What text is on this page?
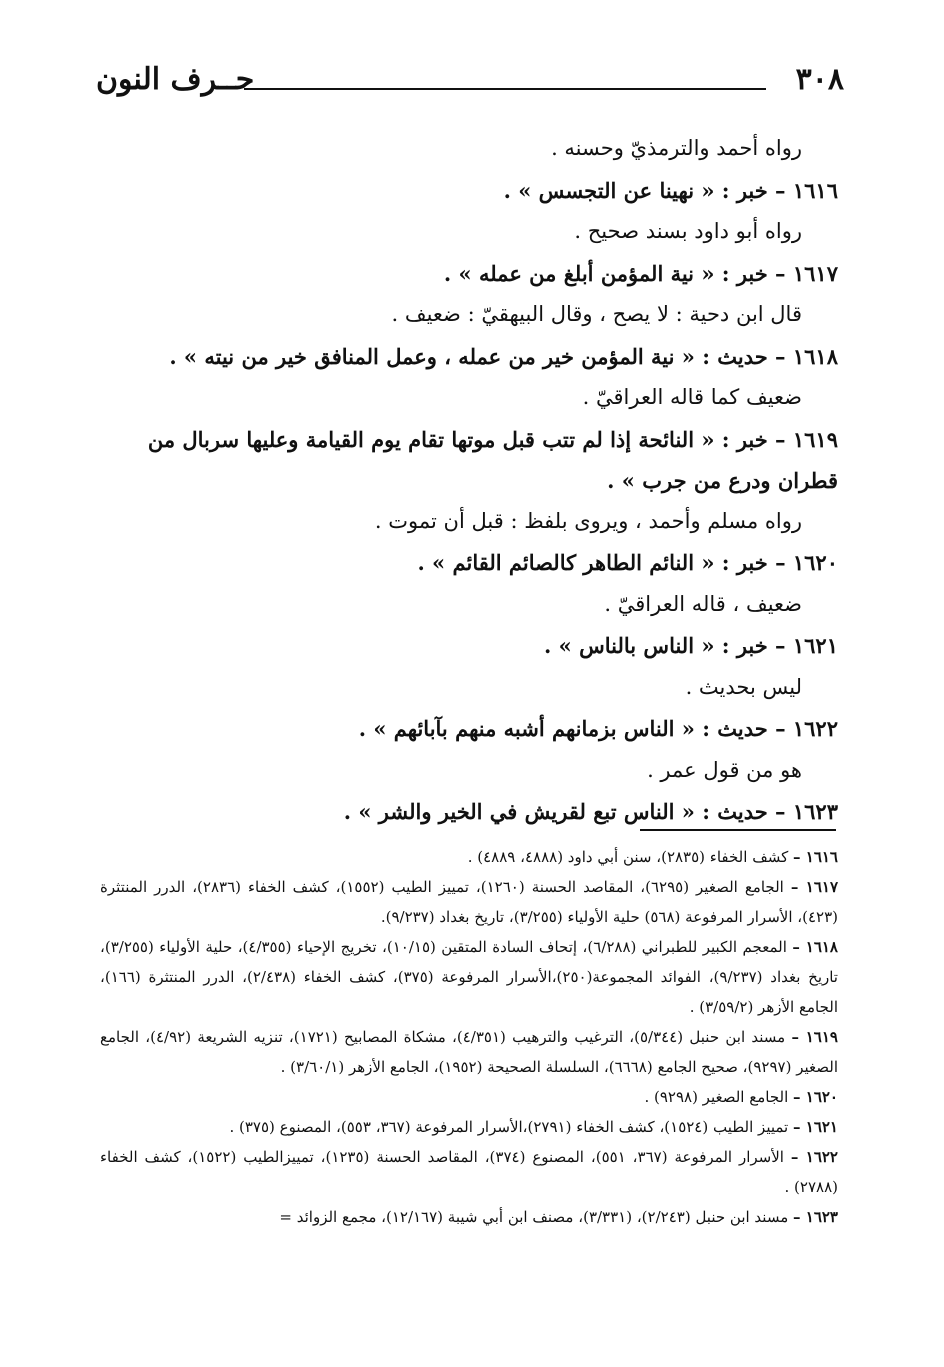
٣٠٨
حــرف النون
رواه أحمد والترمذيّ وحسنه .
١٦١٦ – خبر : « نهينا عن التجسس » .
رواه أبو داود بسند صحيح .
١٦١٧ – خبر : « نية المؤمن أبلغ من عمله » .
قال ابن دحية : لا يصح ، وقال البيهقيّ : ضعيف .
١٦١٨ – حديث : « نية المؤمن خير من عمله ، وعمل المنافق خير من نيته » .
ضعيف كما قاله العراقيّ .
١٦١٩ – خبر : « النائحة إذا لم تتب قبل موتها تقام يوم القيامة وعليها سربال من قطران ودرع من جرب » .
رواه مسلم وأحمد ، ويروى بلفظ : قبل أن تموت .
١٦٢٠ – خبر : « النائم الطاهر كالصائم القائم » .
ضعيف ، قاله العراقيّ .
١٦٢١ – خبر : « الناس بالناس » .
ليس بحديث .
١٦٢٢ – حديث : « الناس بزمانهم أشبه منهم بآبائهم » .
هو من قول عمر .
١٦٢٣ – حديث : « الناس تبع لقريش في الخير والشر » .
١٦١٦ – كشف الخفاء (٢٨٣٥)، سنن أبي داود (٤٨٨٨، ٤٨٨٩) .
١٦١٧ – الجامع الصغير (٦٢٩٥)، المقاصد الحسنة (١٢٦٠)، تمييز الطيب (١٥٥٢)، كشف الخفاء (٢٨٣٦)، الدرر المنتثرة (٤٢٣)، الأسرار المرفوعة (٥٦٨) حلية الأولياء (٣/٢٥٥)، تاريخ بغداد (٩/٢٣٧).
١٦١٨ – المعجم الكبير للطبراني (٦/٢٨٨)، إتحاف السادة المتقين (١٠/١٥)، تخريج الإحياء (٤/٣٥٥)، حلية الأولياء (٣/٢٥٥)، تاريخ بغداد (٩/٢٣٧)، الفوائد المجموعة(٢٥٠)،الأسرار المرفوعة (٣٧٥)، كشف الخفاء (٢/٤٣٨)، الدرر المنتثرة (١٦٦)، الجامع الأزهر (٣/٥٩/٢) .
١٦١٩ – مسند ابن حنبل (٥/٣٤٤)، الترغيب والترهيب (٤/٣٥١)، مشكاة المصابيح (١٧٢١)، تنزيه الشريعة (٤/٩٢)، الجامع الصغير (٩٢٩٧)، صحيح الجامع (٦٦٦٨)، السلسلة الصحيحة (١٩٥٢)، الجامع الأزهر (٣/٦٠/١) .
١٦٢٠ – الجامع الصغير (٩٢٩٨) .
١٦٢١ – تمييز الطيب (١٥٢٤)، كشف الخفاء (٢٧٩١)،الأسرار المرفوعة (٣٦٧، ٥٥٣)، المصنوع (٣٧٥) .
١٦٢٢ – الأسرار المرفوعة (٣٦٧، ٥٥١)، المصنوع (٣٧٤)، المقاصد الحسنة (١٢٣٥)، تمييزالطيب (١٥٢٢)، كشف الخفاء (٢٧٨٨) .
١٦٢٣ – مسند ابن حنبل (٢/٢٤٣)، (٣/٣٣١)، مصنف ابن أبي شيبة (١٢/١٦٧)، مجمع الزوائد =
